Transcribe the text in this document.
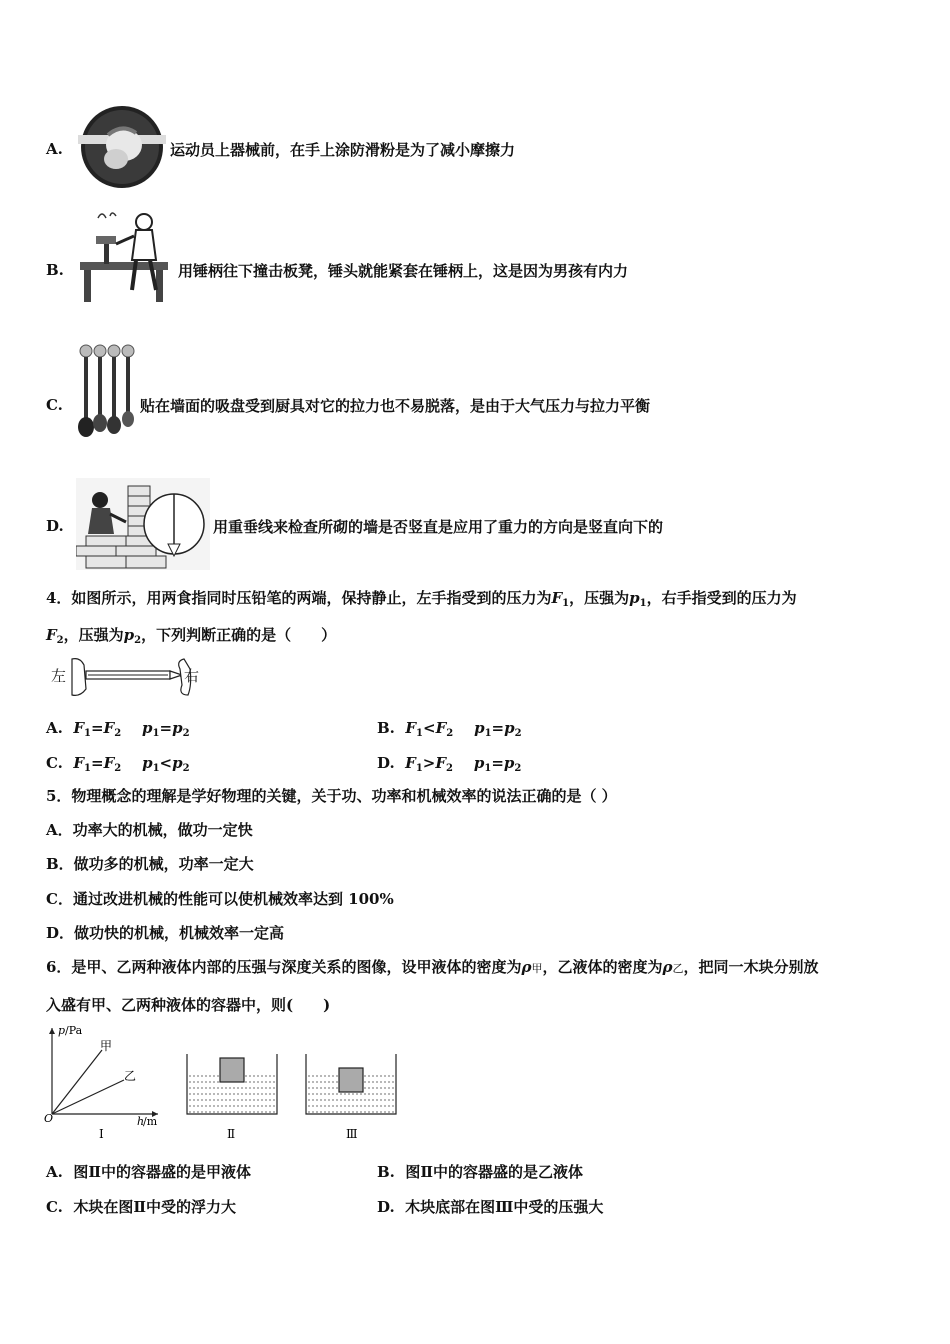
A.	运动员上器械前，在手上涂防滑粉是为了减小摩擦力
B.	用锤柄往下撞击板凳，锤头就能紧套在锤柄上，这是因为男孩有内力
C.	贴在墙面的吸盘受到厨具对它的拉力也不易脱落，是由于大气压力与拉力平衡
D.	用重垂线来检查所砌的墙是否竖直是应用了重力的方向是竖直向下的
4．如图所示，用两食指同时压铅笔的两端，保持静止，左手指受到的压力为$F_1$，压强为$p_1$，右手指受到的压力为
$F_2$，压强为$p_2$，下列判断正确的是（　　）
左	右
A. $F_1=F_2$ $p_1=p_2$	B. $F_1<F_2$ $p_1=p_2$
C. $F_1=F_2$ $p_1<p_2$	D. $F_1>F_2$ $p_1=p_2$
5．物理概念的理解是学好物理的关键，关于功、功率和机械效率的说法正确的是（ ）
A．功率大的机械，做功一定快
B．做功多的机械，功率一定大
C．通过改进机械的性能可以使机械效率达到 100%
D．做功快的机械，机械效率一定高
6．是甲、乙两种液体内部的压强与深度关系的图像，设甲液体的密度为ρ甲，乙液体的密度为ρ乙，把同一木块分别放
入盛有甲、乙两种液体的容器中，则(　　)
p /Pa
甲
乙
O	h
/m
Ⅰ	Ⅱ	Ⅲ
A. 图Ⅱ中的容器盛的是甲液体	B. 图Ⅱ中的容器盛的是乙液体
C. 木块在图Ⅱ中受的浮力大	D. 木块底部在图Ⅲ中受的压强大
